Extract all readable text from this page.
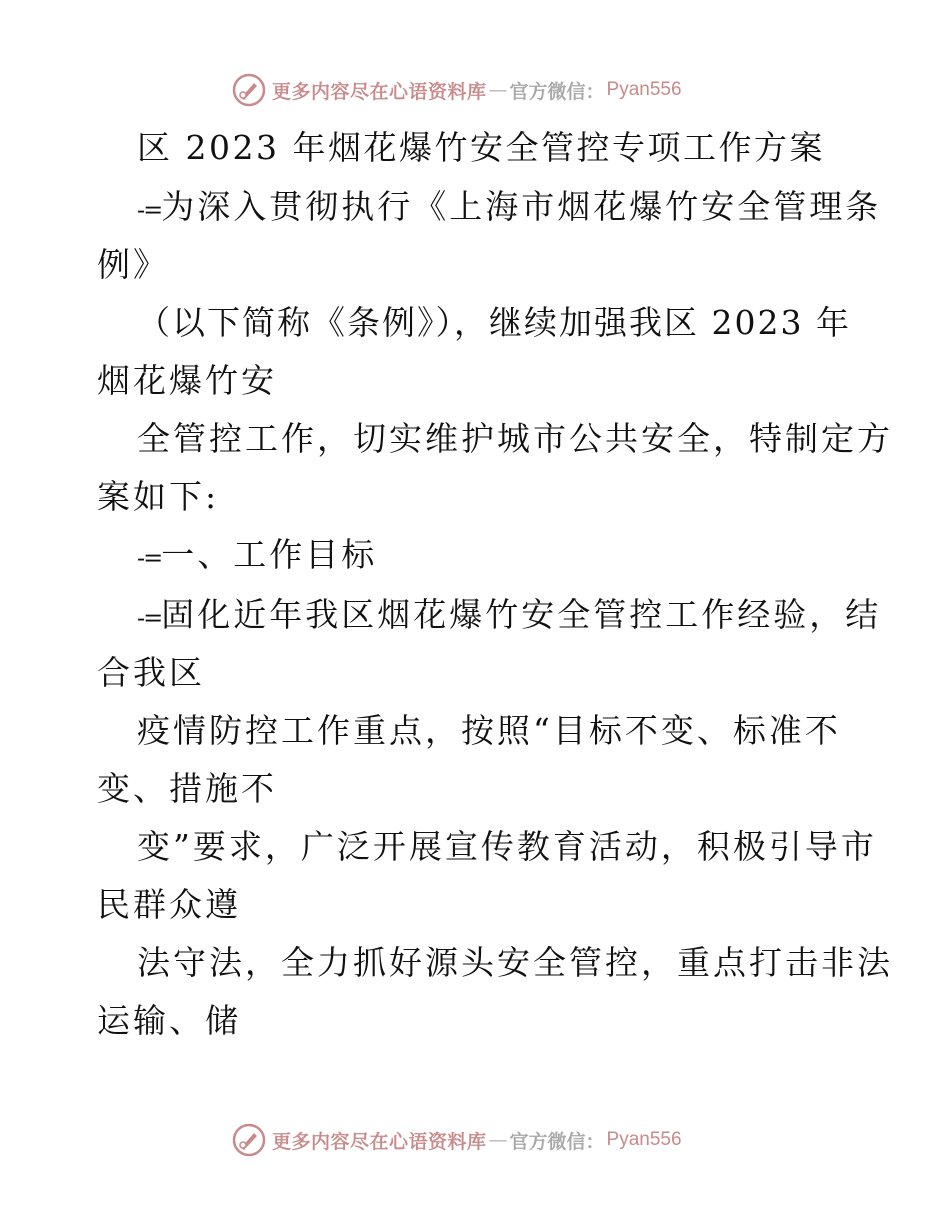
更多内容尽在心语资料库 — 官方微信： Pyan556
区 2023 年烟花爆竹安全管控专项工作方案
-=为深入贯彻执行《上海市烟花爆竹安全管理条
例》
（以下简称《条例》），继续加强我区 2023 年
烟花爆竹安
全管控工作，切实维护城市公共安全，特制定方
案如下:
-=一、工作目标
-=固化近年我区烟花爆竹安全管控工作经验，结
合我区
疫情防控工作重点，按照“目标不变、标准不
变、措施不
变”要求，广泛开展宣传教育活动，积极引导市
民群众遵
法守法，全力抓好源头安全管控，重点打击非法
运输、储
更多内容尽在心语资料库 — 官方微信： Pyan556
